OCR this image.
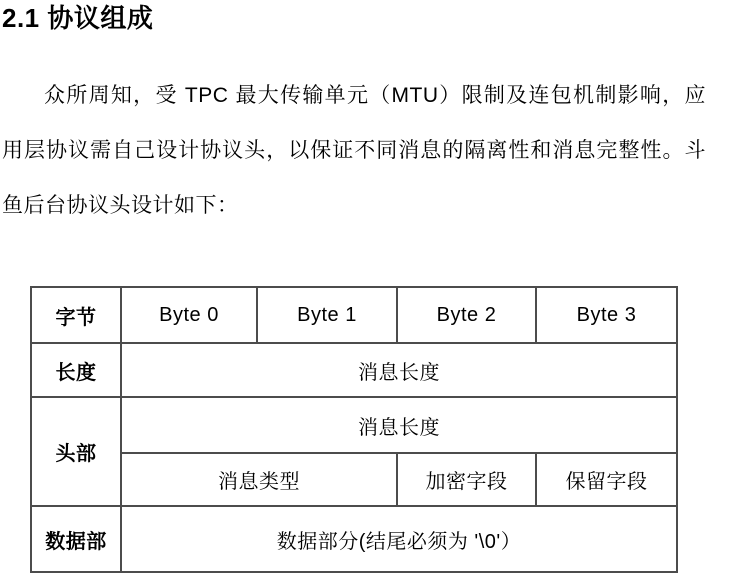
2.1 协议组成

众所周知，受 TPC 最大传输单元（MTU）限制及连包机制影响，应用层协议需自己设计协议头，以保证不同消息的隔离性和消息完整性。斗鱼后台协议头设计如下：

字节	Byte 0	Byte 1	Byte 2	Byte 3
长度	消息长度			
头部	消息长度			
	消息类型		加密字段	保留字段
数据部	数据部分(结尾必须为 '\0'）			
